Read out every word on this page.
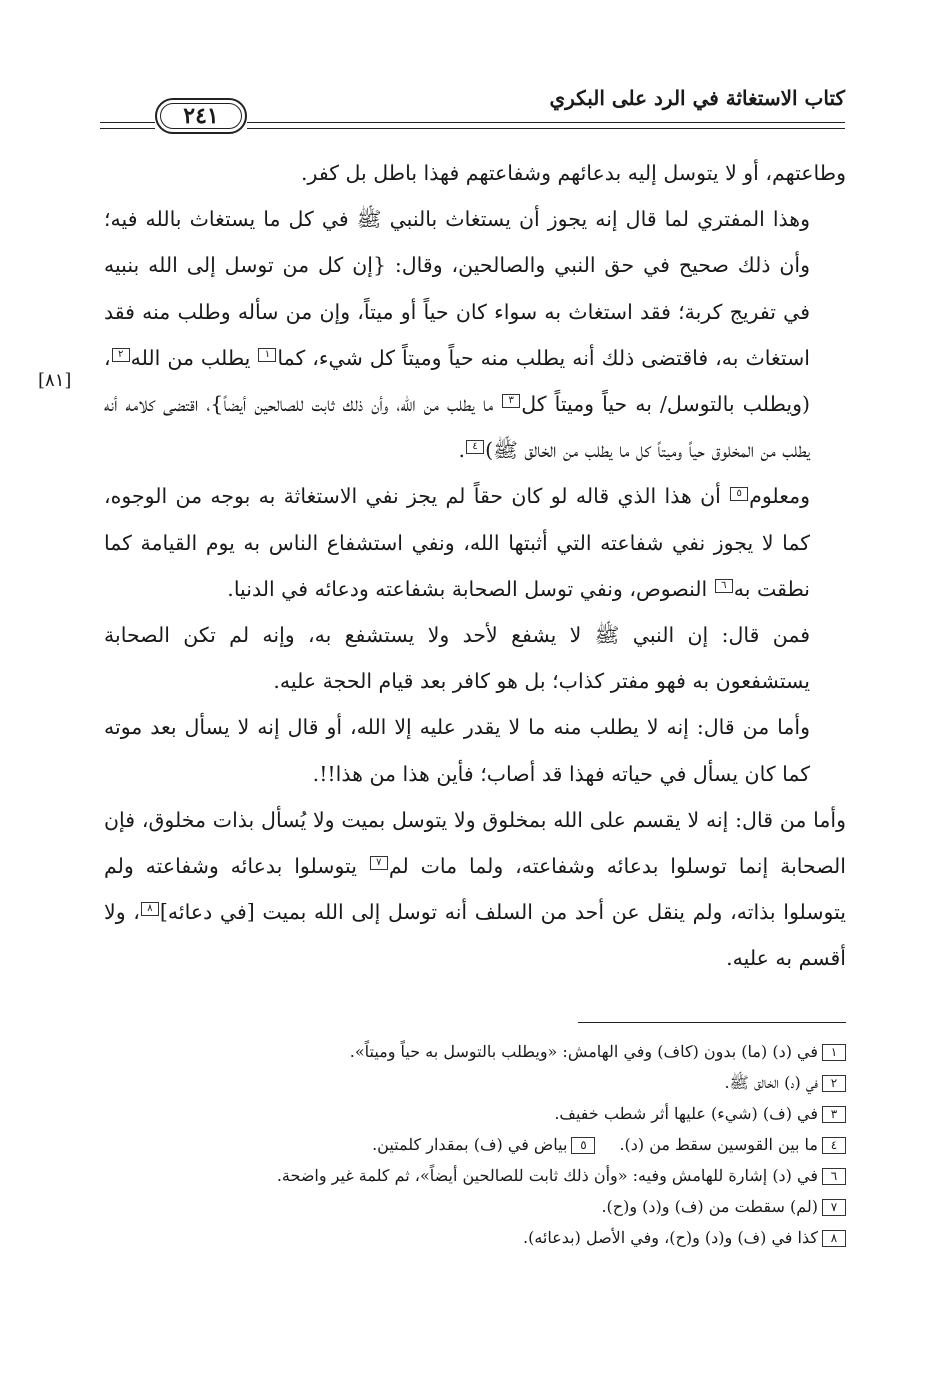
كتاب الاستغاثة في الرد على البكري
٢٤١
[٨١]

وطاعتهم، أو لا يتوسل إليه بدعائهم وشفاعتهم فهذا باطل بل كفر.

وهذا المفتري لما قال إنه يجوز أن يستغاث بالنبي ﷺ في كل ما يستغاث بالله فيه؛ وأن ذلك صحيح في حق النبي والصالحين، وقال: {إن كل من توسل إلى الله بنبيه في تفريج كربة؛ فقد استغاث به سواء كان حياً أو ميتاً، وإن من سأله وطلب منه فقد استغاث به، فاقتضى ذلك أنه يطلب منه حياً وميتاً كل شيء، كما١ يطلب من الله٢، (ويطلب بالتوسل/ به حياً وميتاً كل٣ ما يطلب من الله، وأن ذلك ثابت للصالحين أيضاً}، اقتضى كلامه أنه يطلب من المخلوق حياً وميتاً كل ما يطلب من الخالق ﷺ)٤.

ومعلوم٥ أن هذا الذي قاله لو كان حقاً لم يجز نفي الاستغاثة به بوجه من الوجوه، كما لا يجوز نفي شفاعته التي أثبتها الله، ونفي استشفاع الناس به يوم القيامة كما نطقت به٦ النصوص، ونفي توسل الصحابة بشفاعته ودعائه في الدنيا.

فمن قال: إن النبي ﷺ لا يشفع لأحد ولا يستشفع به، وإنه لم تكن الصحابة يستشفعون به فهو مفتر كذاب؛ بل هو كافر بعد قيام الحجة عليه.

وأما من قال: إنه لا يطلب منه ما لا يقدر عليه إلا الله، أو قال إنه لا يسأل بعد موته كما كان يسأل في حياته فهذا قد أصاب؛ فأين هذا من هذا!!.

وأما من قال: إنه لا يقسم على الله بمخلوق ولا يتوسل بميت ولا يُسأل بذات مخلوق، فإن الصحابة إنما توسلوا بدعائه وشفاعته، ولما مات لم٧ يتوسلوا بدعائه وشفاعته ولم يتوسلوا بذاته، ولم ينقل عن أحد من السلف أنه توسل إلى الله بميت [في دعائه]٨، ولا أقسم به عليه.

١في (د) (ما) بدون (كاف) وفي الهامش: «ويطلب بالتوسل به حياً وميتاً».
٢في (د) الخالق ﷺ.
٣في (ف) (شيء) عليها أثر شطب خفيف.
٤ما بين القوسين سقط من (د).٥بياض في (ف) بمقدار كلمتين.
٦في (د) إشارة للهامش وفيه: «وأن ذلك ثابت للصالحين أيضاً»، ثم كلمة غير واضحة.
٧(لم) سقطت من (ف) و(د) و(ح).
٨كذا في (ف) و(د) و(ح)، وفي الأصل (بدعائه).
